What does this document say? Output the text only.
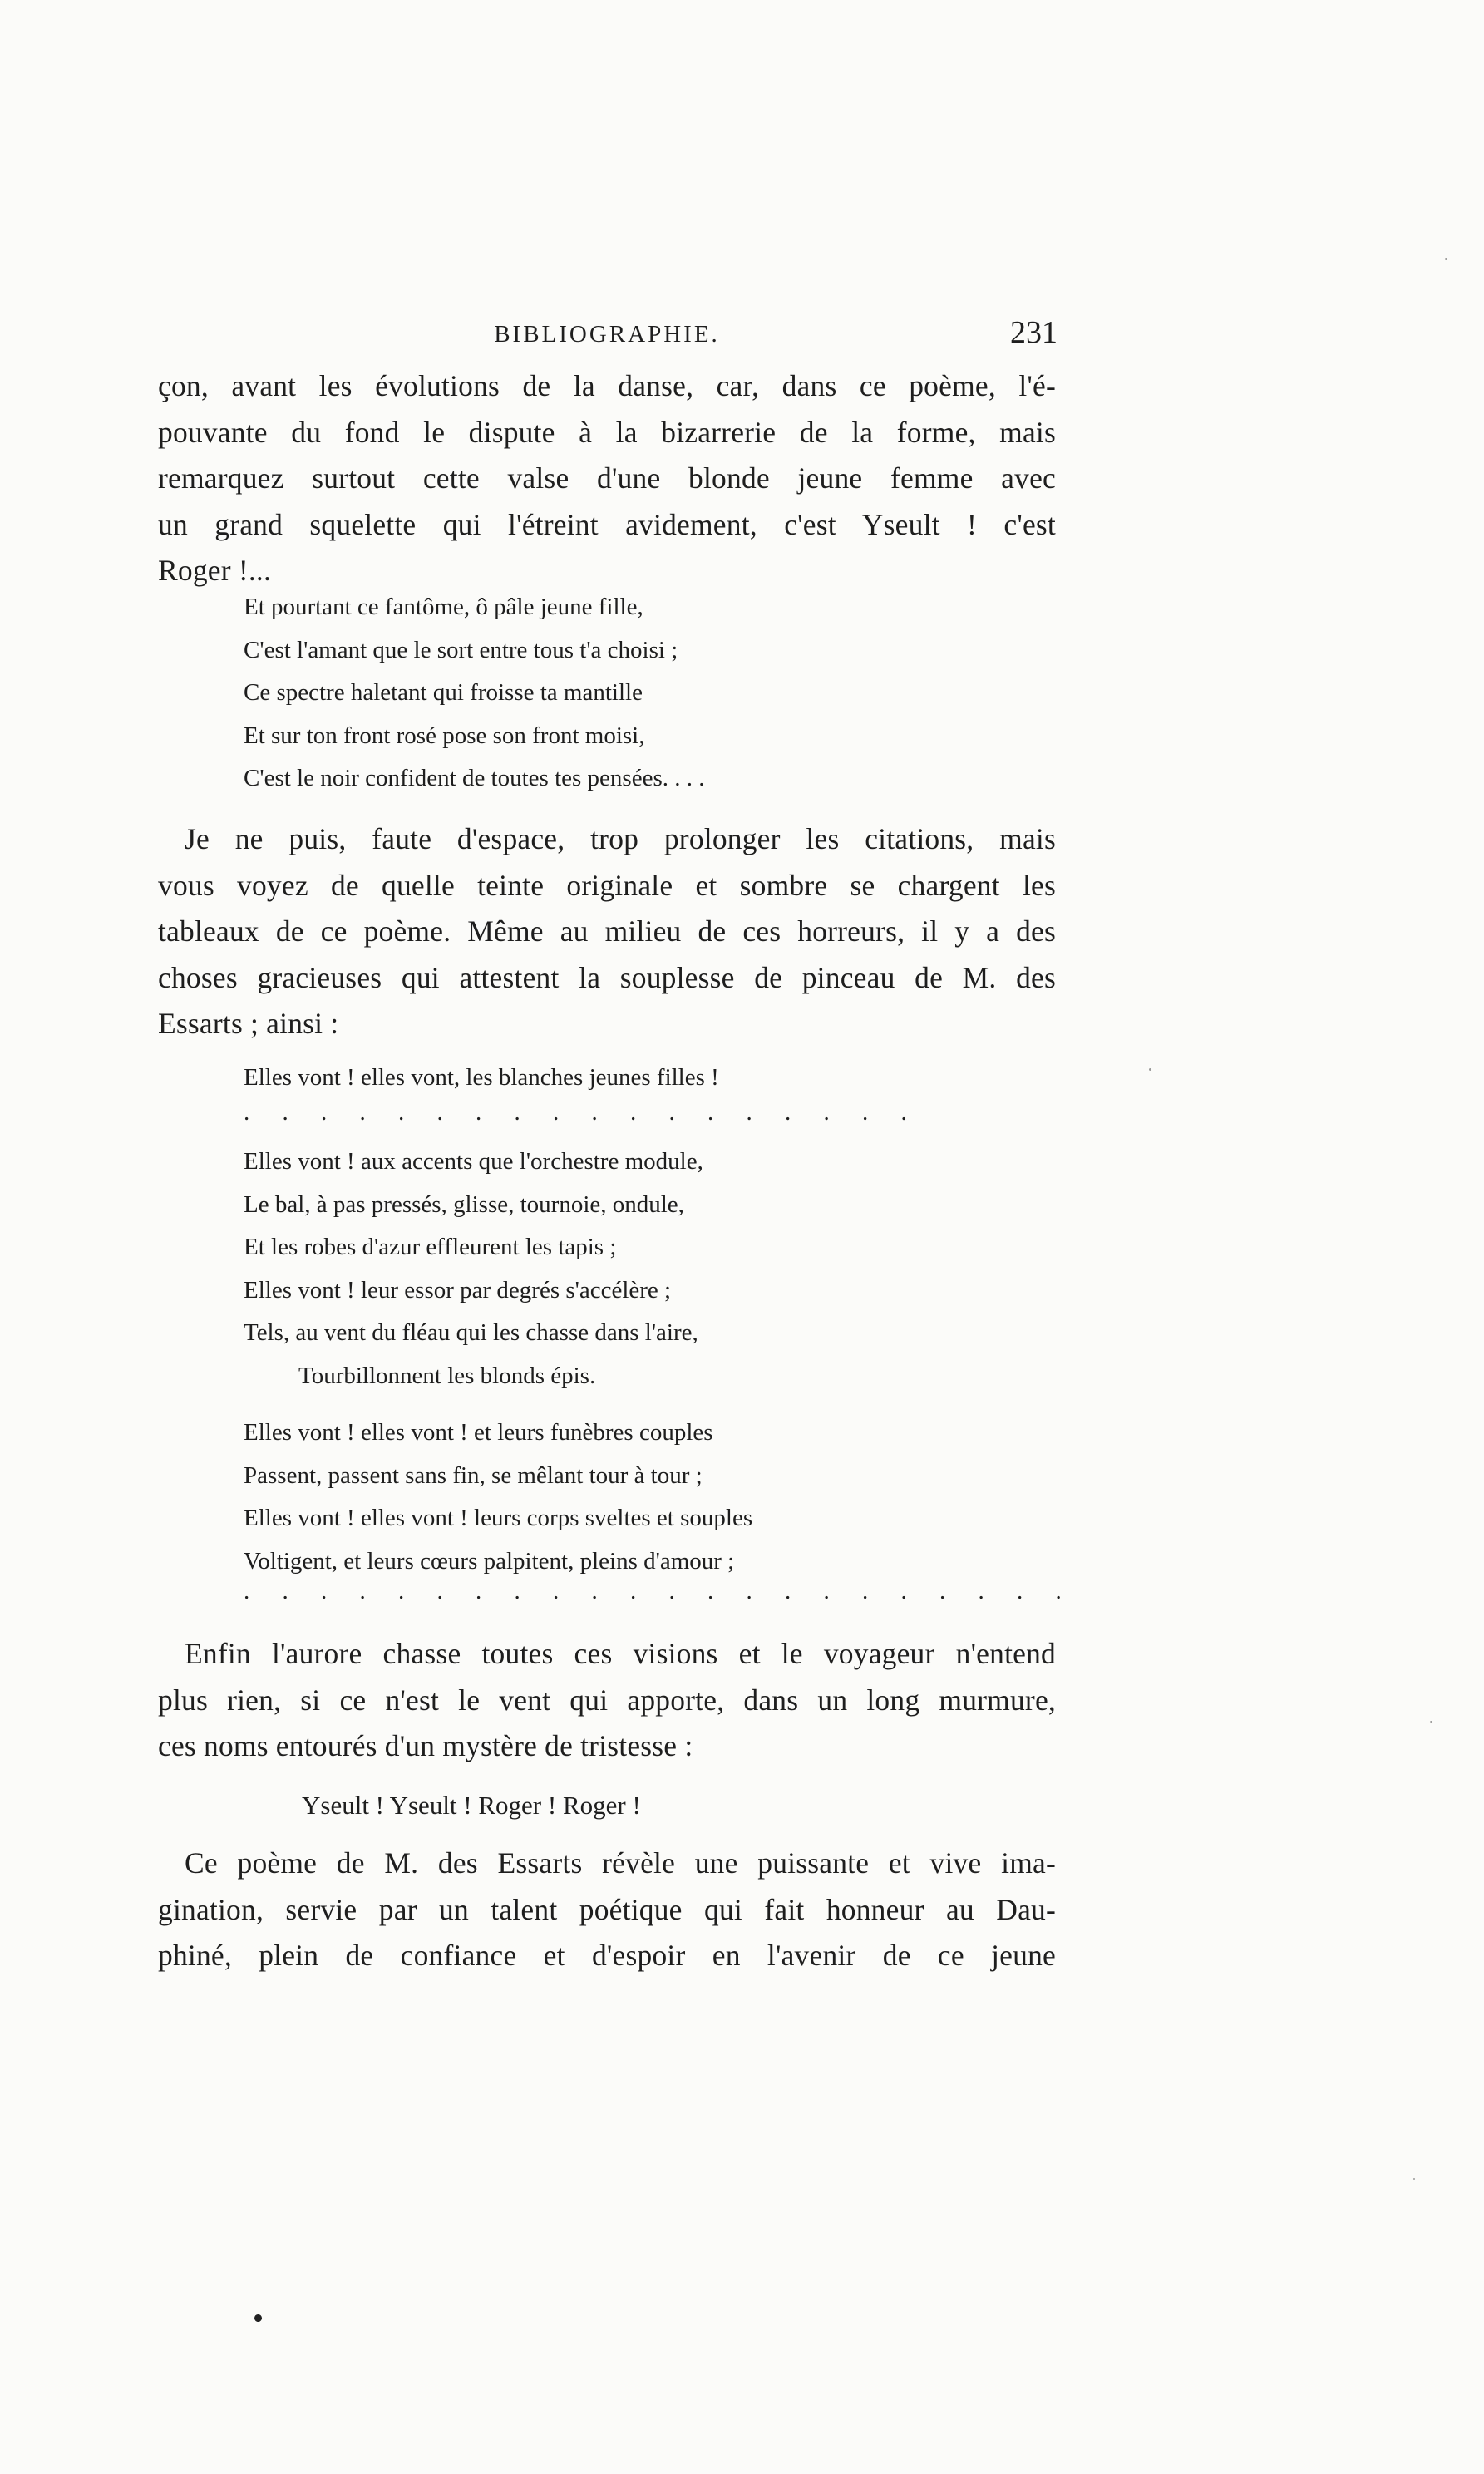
BIBLIOGRAPHIE.	231

çon, avant les évolutions de la danse, car, dans ce poème, l'é-
pouvante du fond le dispute à la bizarrerie de la forme, mais
remarquez surtout cette valse d'une blonde jeune femme avec
un grand squelette qui l'étreint avidement, c'est Yseult ! c'est
Roger !...

Et pourtant ce fantôme, ô pâle jeune fille,
C'est l'amant que le sort entre tous t'a choisi ;
Ce spectre haletant qui froisse ta mantille
Et sur ton front rosé pose son front moisi,
C'est le noir confident de toutes tes pensées. . . .

Je ne puis, faute d'espace, trop prolonger les citations, mais
vous voyez de quelle teinte originale et sombre se chargent les
tableaux de ce poème. Même au milieu de ces horreurs, il y a des
choses gracieuses qui attestent la souplesse de pinceau de M. des
Essarts ; ainsi :

Elles vont ! elles vont, les blanches jeunes filles !
. . . . . . . . . . . . . . . . . .
Elles vont ! aux accents que l'orchestre module,
Le bal, à pas pressés, glisse, tournoie, ondule,
Et les robes d'azur effleurent les tapis ;
Elles vont ! leur essor par degrés s'accélère ;
Tels, au vent du fléau qui les chasse dans l'aire,
Tourbillonnent les blonds épis.
Elles vont ! elles vont ! et leurs funèbres couples
Passent, passent sans fin, se mêlant tour à tour ;
Elles vont ! elles vont ! leurs corps sveltes et souples
Voltigent, et leurs cœurs palpitent, pleins d'amour ;
. . . . . . . . . . . . . . . . . . . . . .

Enfin l'aurore chasse toutes ces visions et le voyageur n'entend
plus rien, si ce n'est le vent qui apporte, dans un long murmure,
ces noms entourés d'un mystère de tristesse :

Yseult ! Yseult ! Roger ! Roger !

Ce poème de M. des Essarts révèle une puissante et vive ima-
gination, servie par un talent poétique qui fait honneur au Dau-
phiné, plein de confiance et d'espoir en l'avenir de ce jeune
